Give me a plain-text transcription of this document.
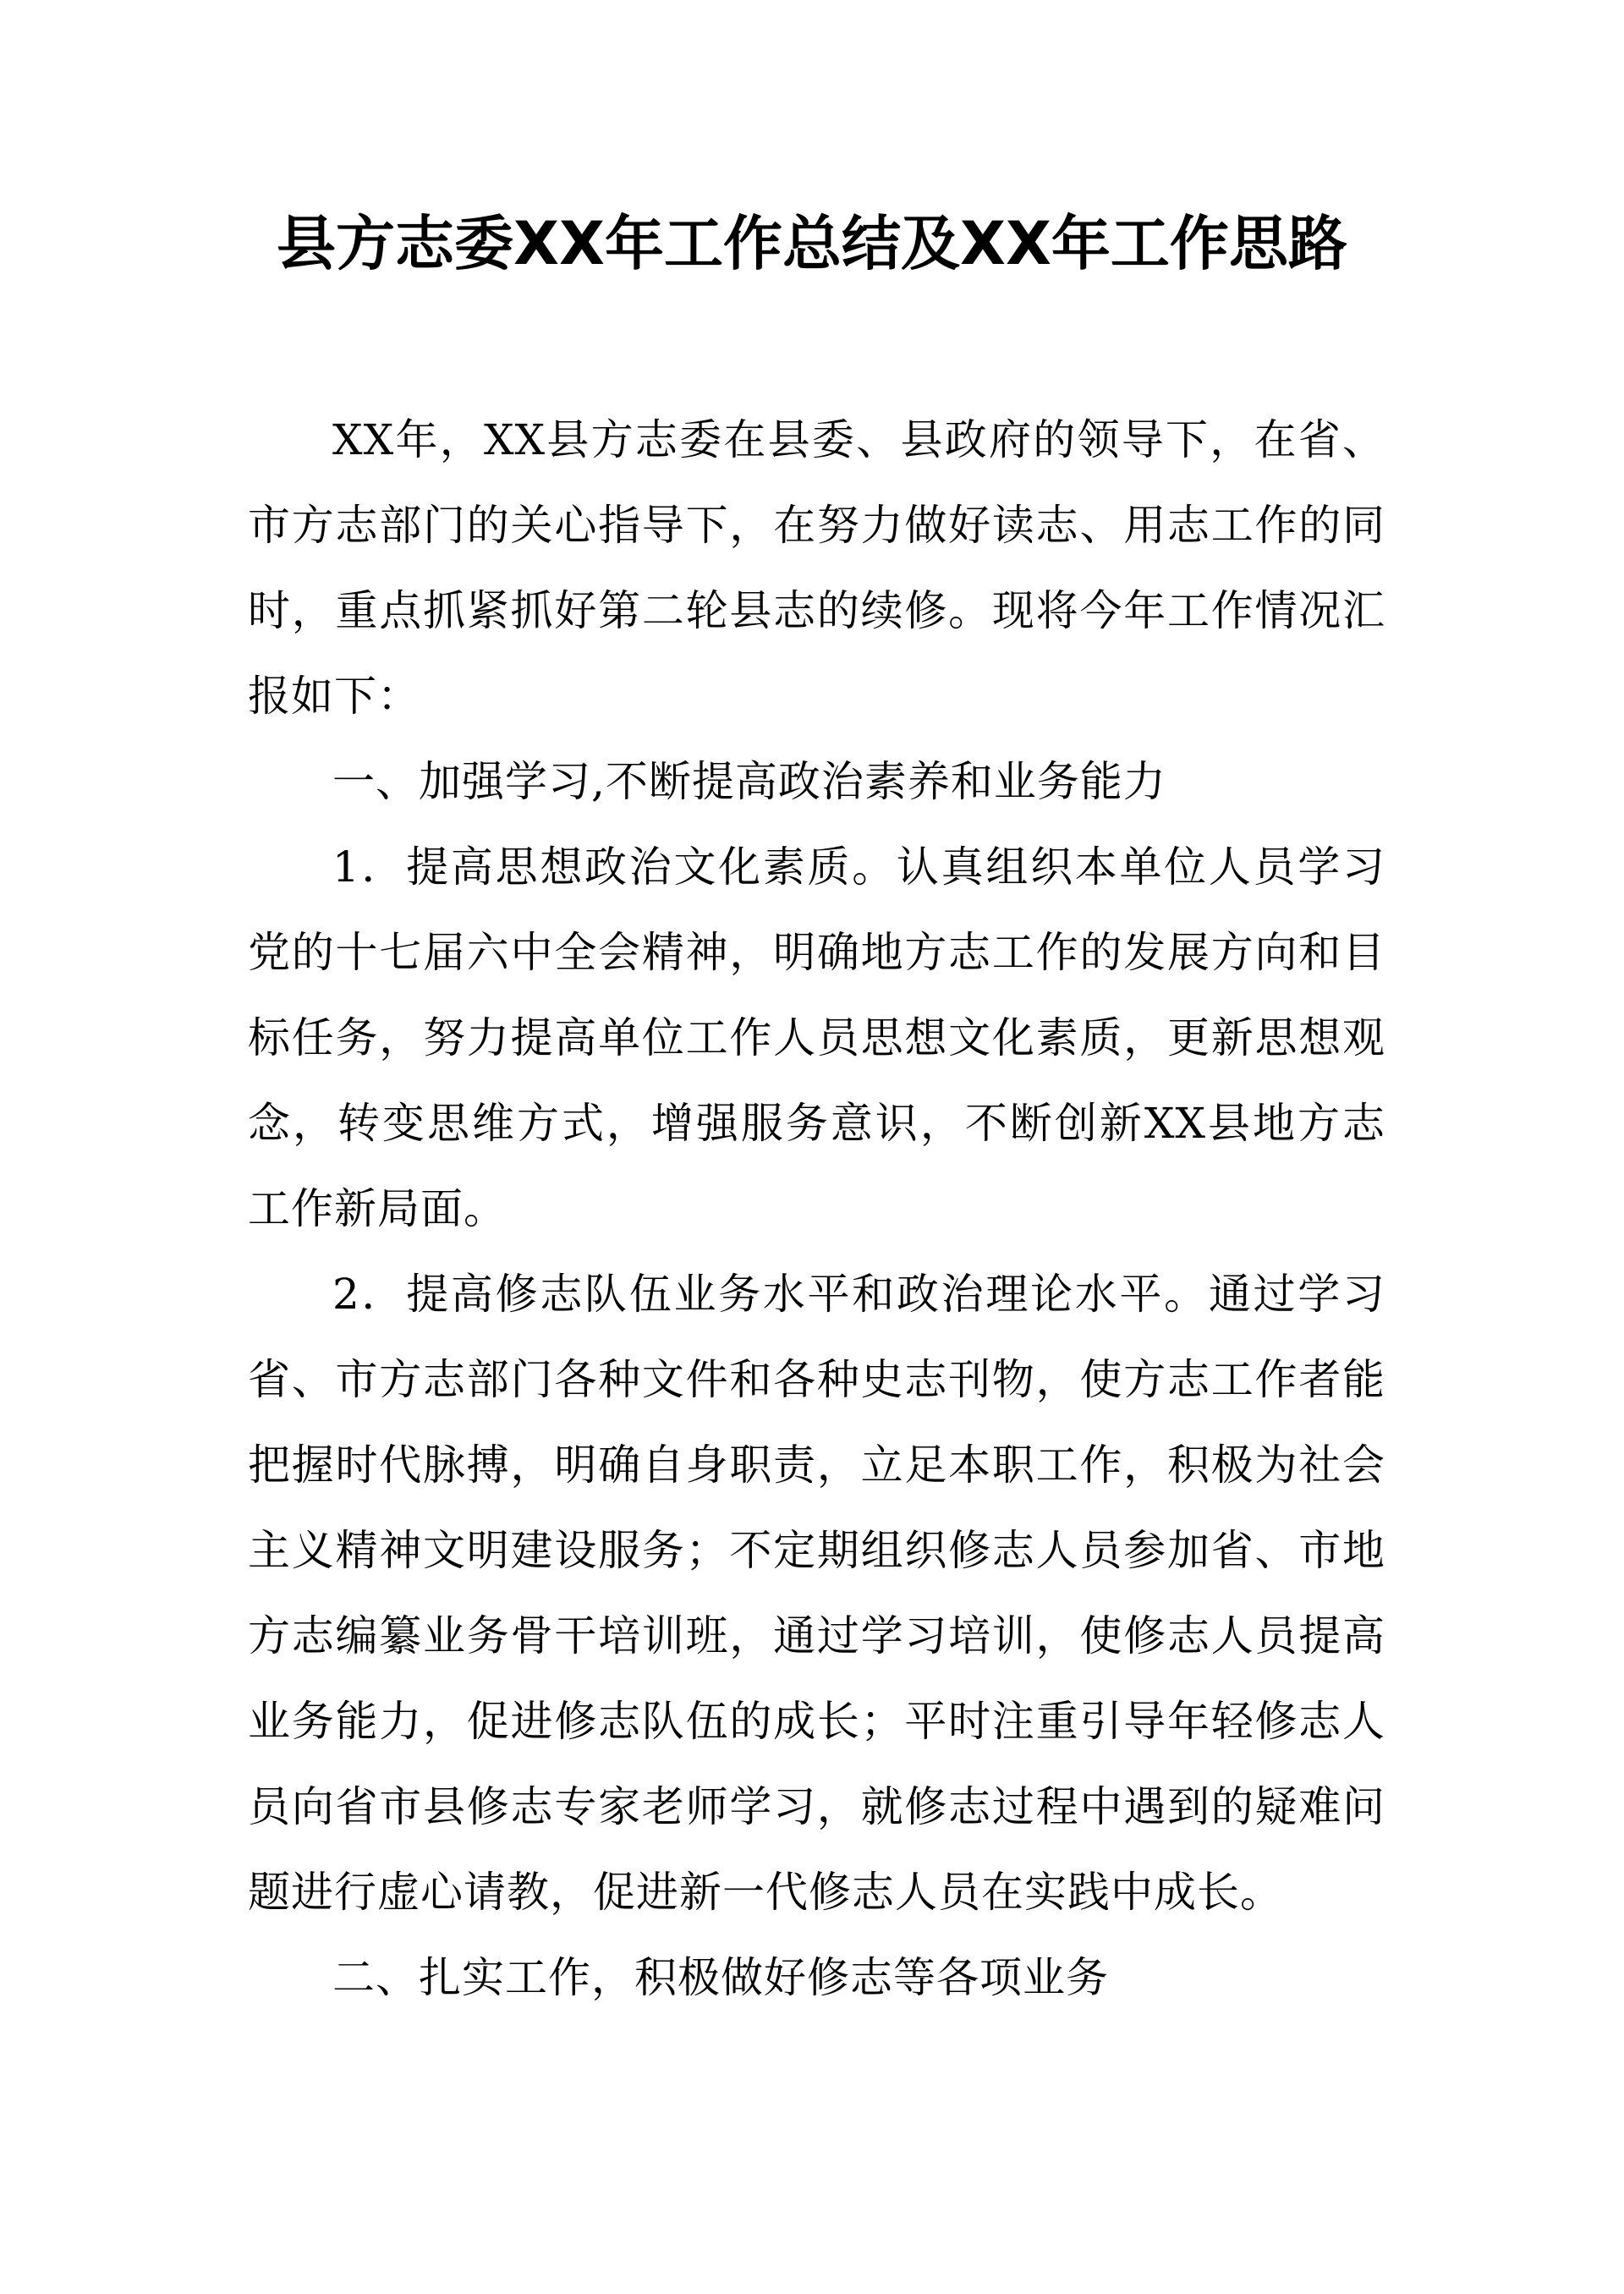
县方志委XX年工作总结及XX年工作思路

XX年，XX县方志委在县委、县政府的领导下，在省、市方志部门的关心指导下，在努力做好读志、用志工作的同时，重点抓紧抓好第二轮县志的续修。现将今年工作情况汇报如下：

一、加强学习,不断提高政治素养和业务能力

1．提高思想政治文化素质。认真组织本单位人员学习党的十七届六中全会精神，明确地方志工作的发展方向和目标任务，努力提高单位工作人员思想文化素质，更新思想观念，转变思维方式，增强服务意识，不断创新XX县地方志工作新局面。

2．提高修志队伍业务水平和政治理论水平。通过学习省、市方志部门各种文件和各种史志刊物，使方志工作者能把握时代脉搏，明确自身职责，立足本职工作，积极为社会主义精神文明建设服务；不定期组织修志人员参加省、市地方志编纂业务骨干培训班，通过学习培训，使修志人员提高业务能力，促进修志队伍的成长；平时注重引导年轻修志人员向省市县修志专家老师学习，就修志过程中遇到的疑难问题进行虚心请教，促进新一代修志人员在实践中成长。

二、扎实工作，积极做好修志等各项业务
